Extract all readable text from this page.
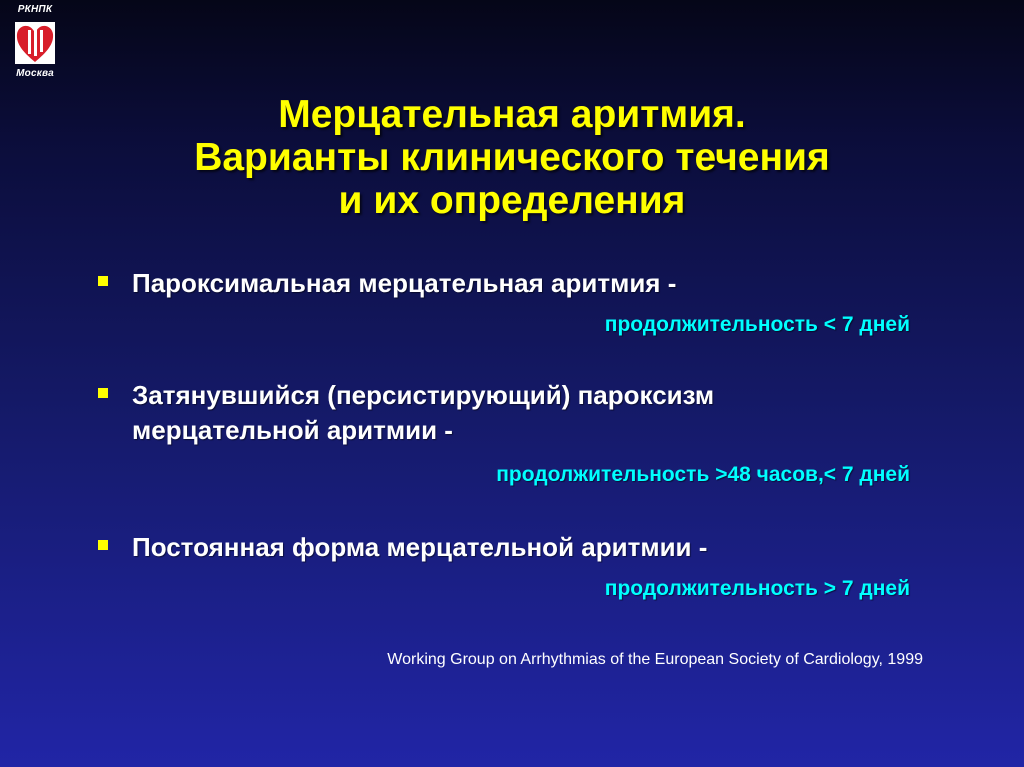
РКНПК
Москва
Мерцательная аритмия.
Варианты клинического течения
и их определения
Пароксимальная мерцательная аритмия -
продолжительность < 7 дней
Затянувшийся (персистирующий) пароксизм
мерцательной аритмии -
продолжительность >48 часов,< 7 дней
Постоянная форма мерцательной аритмии -
продолжительность > 7 дней
Working Group on Arrhythmias of the European Society of Cardiology, 1999
